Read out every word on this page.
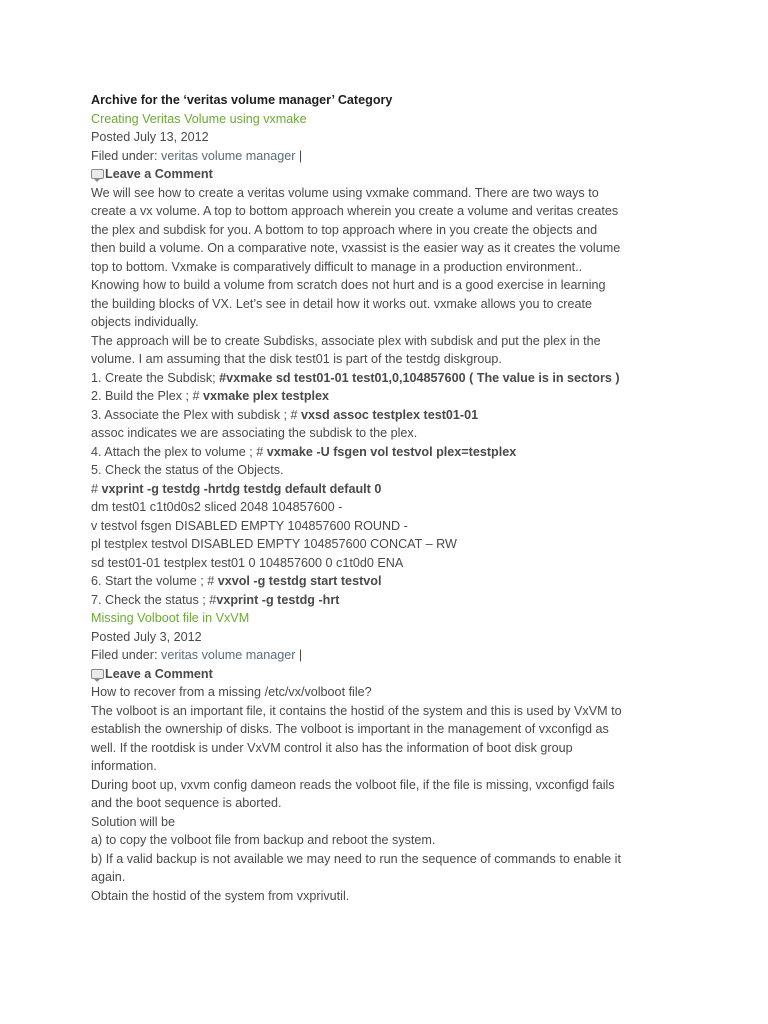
Archive for the ‘veritas volume manager’ Category
Creating Veritas Volume using vxmake
Posted July 13, 2012
Filed under: veritas volume manager |
Leave a Comment
We will see how to create a veritas volume using vxmake command. There are two ways to
create a vx volume. A top to bottom approach wherein you create a volume and veritas creates
the plex and subdisk for you. A bottom to top approach where in you create the objects and
then build a volume. On a comparative note, vxassist is the easier way as it creates the volume
top to bottom. Vxmake is comparatively difficult to manage in a production environment..
Knowing how to build a volume from scratch does not hurt and is a good exercise in learning
the building blocks of VX. Let’s see in detail how it works out. vxmake allows you to create
objects individually.
The approach will be to create Subdisks, associate plex with subdisk and put the plex in the
volume. I am assuming that the disk test01 is part of the testdg diskgroup.
1. Create the Subdisk; #vxmake sd test01-01 test01,0,104857600 ( The value is in sectors )
2. Build the Plex ; # vxmake plex testplex
3. Associate the Plex with subdisk ; # vxsd assoc testplex test01-01
assoc indicates we are associating the subdisk to the plex.
4. Attach the plex to volume ; # vxmake -U fsgen vol testvol plex=testplex
5. Check the status of the Objects.
# vxprint -g testdg -hrtdg testdg default default 0
dm test01 c1t0d0s2 sliced 2048 104857600 -
v testvol fsgen DISABLED EMPTY 104857600 ROUND -
pl testplex testvol DISABLED EMPTY 104857600 CONCAT – RW
sd test01-01 testplex test01 0 104857600 0 c1t0d0 ENA
6. Start the volume ; # vxvol -g testdg start testvol
7. Check the status ; #vxprint -g testdg -hrt
Missing Volboot file in VxVM
Posted July 3, 2012
Filed under: veritas volume manager |
Leave a Comment
How to recover from a missing /etc/vx/volboot file?
The volboot is an important file, it contains the hostid of the system and this is used by VxVM to
establish the ownership of disks. The volboot is important in the management of vxconfigd as
well. If the rootdisk is under VxVM control it also has the information of boot disk group
information.
During boot up, vxvm config dameon reads the volboot file, if the file is missing, vxconfigd fails
and the boot sequence is aborted.
Solution will be
a) to copy the volboot file from backup and reboot the system.
b) If a valid backup is not available we may need to run the sequence of commands to enable it
again.
Obtain the hostid of the system from vxprivutil.
